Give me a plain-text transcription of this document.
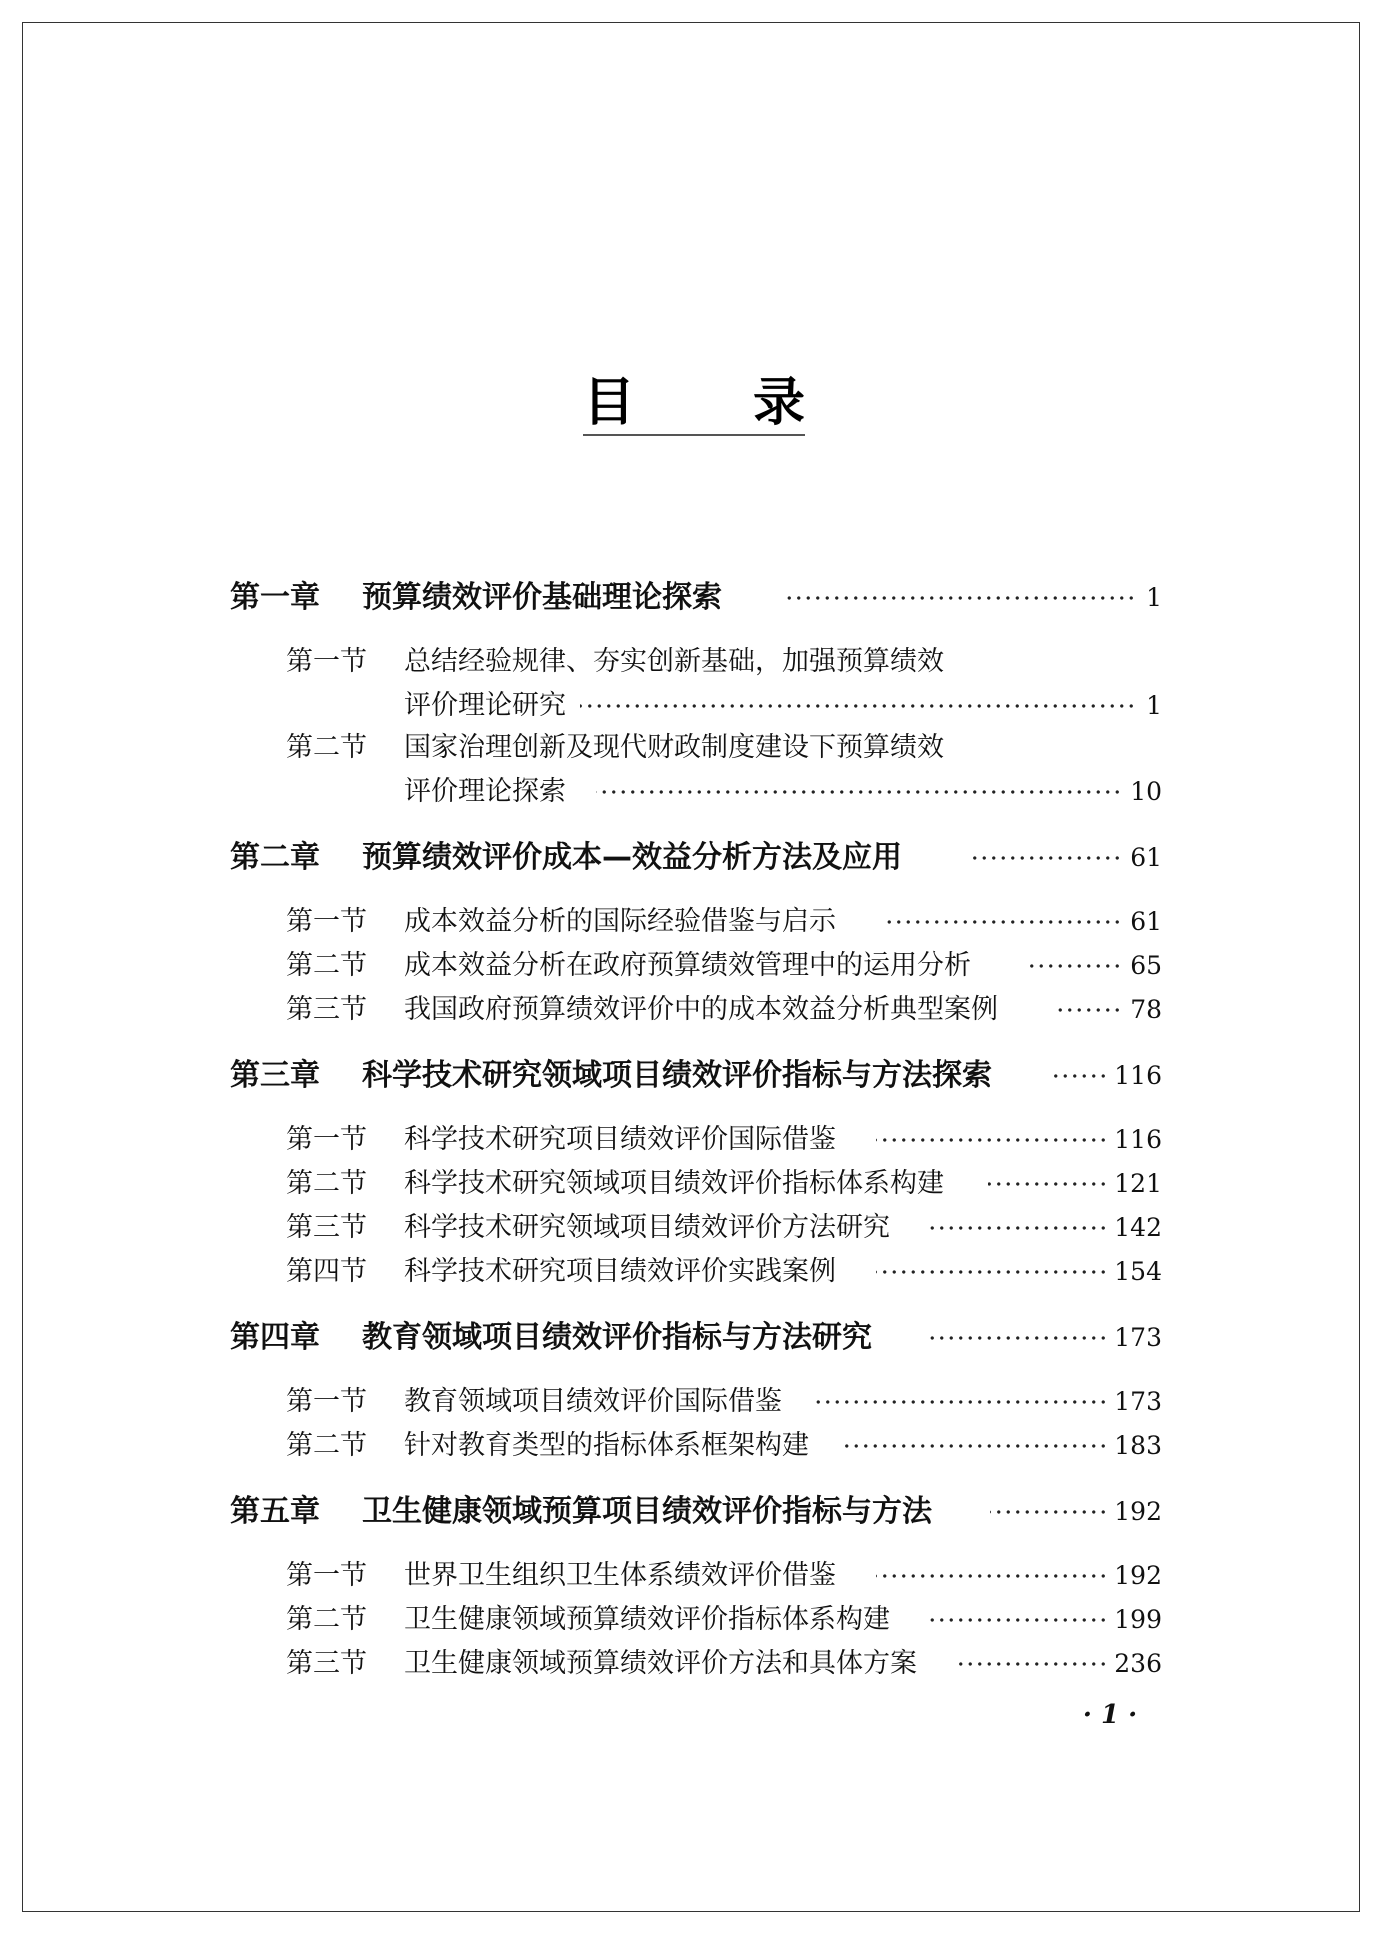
目 录
第一章 预算绩效评价基础理论探索	1
第一节 总结经验规律、夯实创新基础，加强预算绩效
评价理论研究	1
第二节 国家治理创新及现代财政制度建设下预算绩效
评价理论探索	10
第二章 预算绩效评价成本—效益分析方法及应用	61
第一节 成本效益分析的国际经验借鉴与启示	61
第二节 成本效益分析在政府预算绩效管理中的运用分析	65
第三节 我国政府预算绩效评价中的成本效益分析典型案例	78
第三章 科学技术研究领域项目绩效评价指标与方法探索	116
第一节 科学技术研究项目绩效评价国际借鉴	116
第二节 科学技术研究领域项目绩效评价指标体系构建	121
第三节 科学技术研究领域项目绩效评价方法研究	142
第四节 科学技术研究项目绩效评价实践案例	154
第四章 教育领域项目绩效评价指标与方法研究	173
第一节 教育领域项目绩效评价国际借鉴	173
第二节 针对教育类型的指标体系框架构建	183
第五章 卫生健康领域预算项目绩效评价指标与方法	192
第一节 世界卫生组织卫生体系绩效评价借鉴	192
第二节 卫生健康领域预算绩效评价指标体系构建	199
第三节 卫生健康领域预算绩效评价方法和具体方案	236
· 1 ·
